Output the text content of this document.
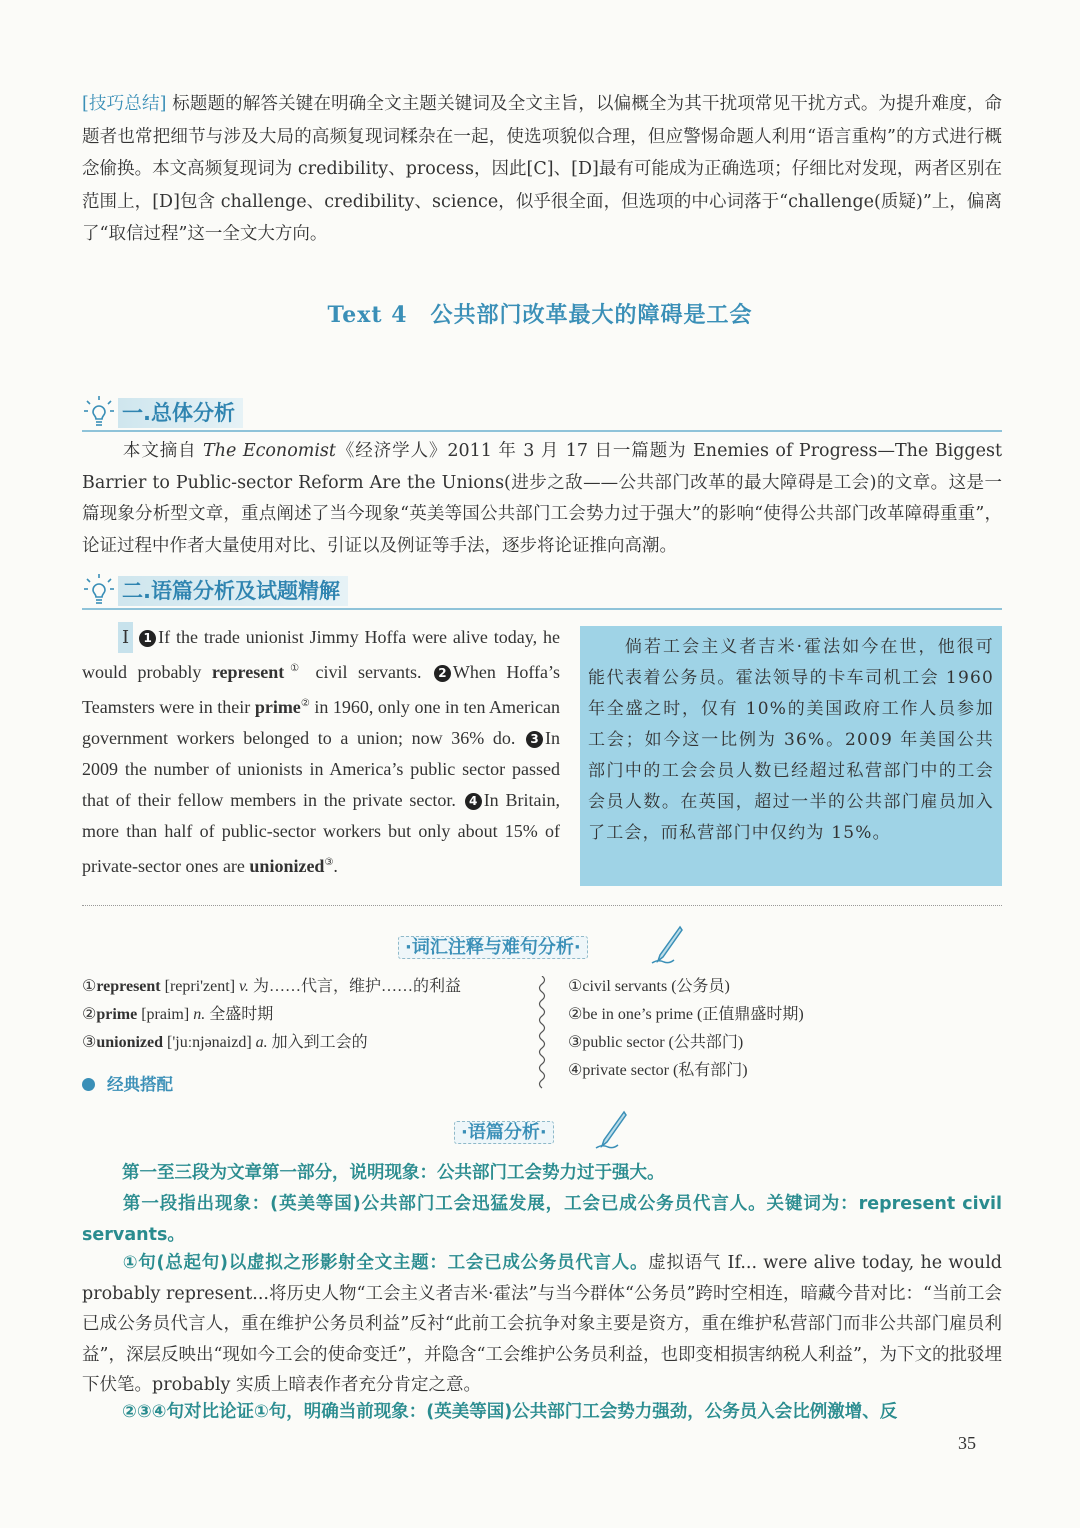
[技巧总结] 标题题的解答关键在明确全文主题关键词及全文主旨，以偏概全为其干扰项常见干扰方式。为提升难度，命题者也常把细节与涉及大局的高频复现词糅杂在一起，使选项貌似合理，但应警惕命题人利用“语言重构”的方式进行概念偷换。本文高频复现词为 credibility、process，因此[C]、[D]最有可能成为正确选项；仔细比对发现，两者区别在范围上，[D]包含 challenge、credibility、science，似乎很全面，但选项的中心词落于“challenge(质疑)”上，偏离了“取信过程”这一全文大方向。

Text 4　公共部门改革最大的障碍是工会
一.总体分析

本文摘自 The Economist《经济学人》2011 年 3 月 17 日一篇题为 Enemies of Progress—The Biggest Barrier to Public-sector Reform Are the Unions(进步之敌——公共部门改革的最大障碍是工会)的文章。这是一篇现象分析型文章，重点阐述了当今现象“英美等国公共部门工会势力过于强大”的影响“使得公共部门改革障碍重重”，论证过程中作者大量使用对比、引证以及例证等手法，逐步将论证推向高潮。

二.语篇分析及试题精解

Ⅰ 1 If the trade unionist Jimmy Hoffa were alive today, he would probably represent① civil servants. 2 When Hoffa’s Teamsters were in their prime② in 1960, only one in ten American government workers belonged to a union; now 36% do. 3 In 2009 the number of unionists in America’s public sector passed that of their fellow members in the private sector. 4 In Britain, more than half of public-sector workers but only about 15% of private-sector ones are unionized③.

倘若工会主义者吉米·霍法如今在世，他很可能代表着公务员。霍法领导的卡车司机工会 1960 年全盛之时，仅有 10%的美国政府工作人员参加工会；如今这一比例为 36%。2009 年美国公共部门中的工会会员人数已经超过私营部门中的工会会员人数。在英国，超过一半的公共部门雇员加入了工会，而私营部门中仅约为 15%。
·词汇注释与难句分析·
①represent [repri'zent] v. 为……代言，维护……的利益
②prime [praim] n. 全盛时期
③unionized ['juːnjənaizd] a. 加入到工会的
①civil servants (公务员)
②be in one’s prime (正值鼎盛时期)
③public sector (公共部门)
④private sector (私有部门)
经典搭配
·语篇分析·

第一至三段为文章第一部分，说明现象：公共部门工会势力过于强大。

第一段指出现象：(英美等国)公共部门工会迅猛发展，工会已成公务员代言人。关键词为：represent civil servants。

①句(总起句)以虚拟之形影射全文主题：工会已成公务员代言人。虚拟语气 If... were alive today, he would probably represent...将历史人物“工会主义者吉米·霍法”与当今群体“公务员”跨时空相连，暗藏今昔对比：“当前工会已成公务员代言人，重在维护公务员利益”反衬“此前工会抗争对象主要是资方，重在维护私营部门而非公共部门雇员利益”，深层反映出“现如今工会的使命变迁”，并隐含“工会维护公务员利益，也即变相损害纳税人利益”，为下文的批驳埋下伏笔。probably 实质上暗表作者充分肯定之意。

②③④句对比论证①句，明确当前现象：(英美等国)公共部门工会势力强劲，公务员入会比例激增、反

35
